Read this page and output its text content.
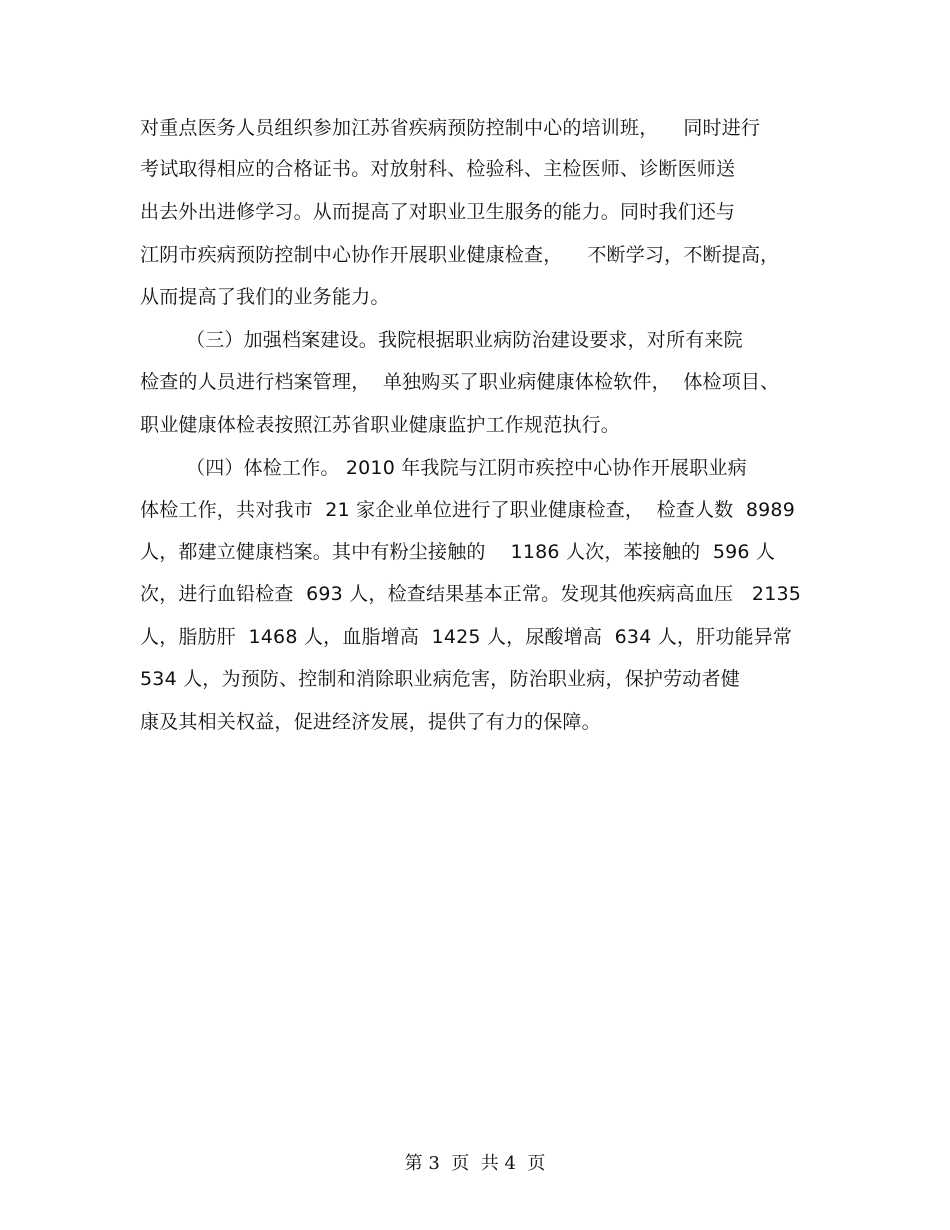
对重点医务人员组织参加江苏省疾病预防控制中心的培训班，    同时进行
考试取得相应的合格证书。对放射科、检验科、主检医师、诊断医师送
出去外出进修学习。从而提高了对职业卫生服务的能力。同时我们还与
江阴市疾病预防控制中心协作开展职业健康检查，    不断学习，不断提高，
从而提高了我们的业务能力。
（三）加强档案建设。我院根据职业病防治建设要求，对所有来院
检查的人员进行档案管理，  单独购买了职业病健康体检软件，  体检项目、
职业健康体检表按照江苏省职业健康监护工作规范执行。
（四）体检工作。 2010 年我院与江阴市疾控中心协作开展职业病
体检工作，共对我市  21 家企业单位进行了职业健康检查，  检查人数  8989
人，都建立健康档案。其中有粉尘接触的    1186 人次，苯接触的  596 人
次，进行血铅检查  693 人，检查结果基本正常。发现其他疾病高血压   2135
人，脂肪肝  1468 人，血脂增高  1425 人，尿酸增高  634 人，肝功能异常
534 人，为预防、控制和消除职业病危害，防治职业病，保护劳动者健
康及其相关权益，促进经济发展，提供了有力的保障。
第 3  页  共 4  页
